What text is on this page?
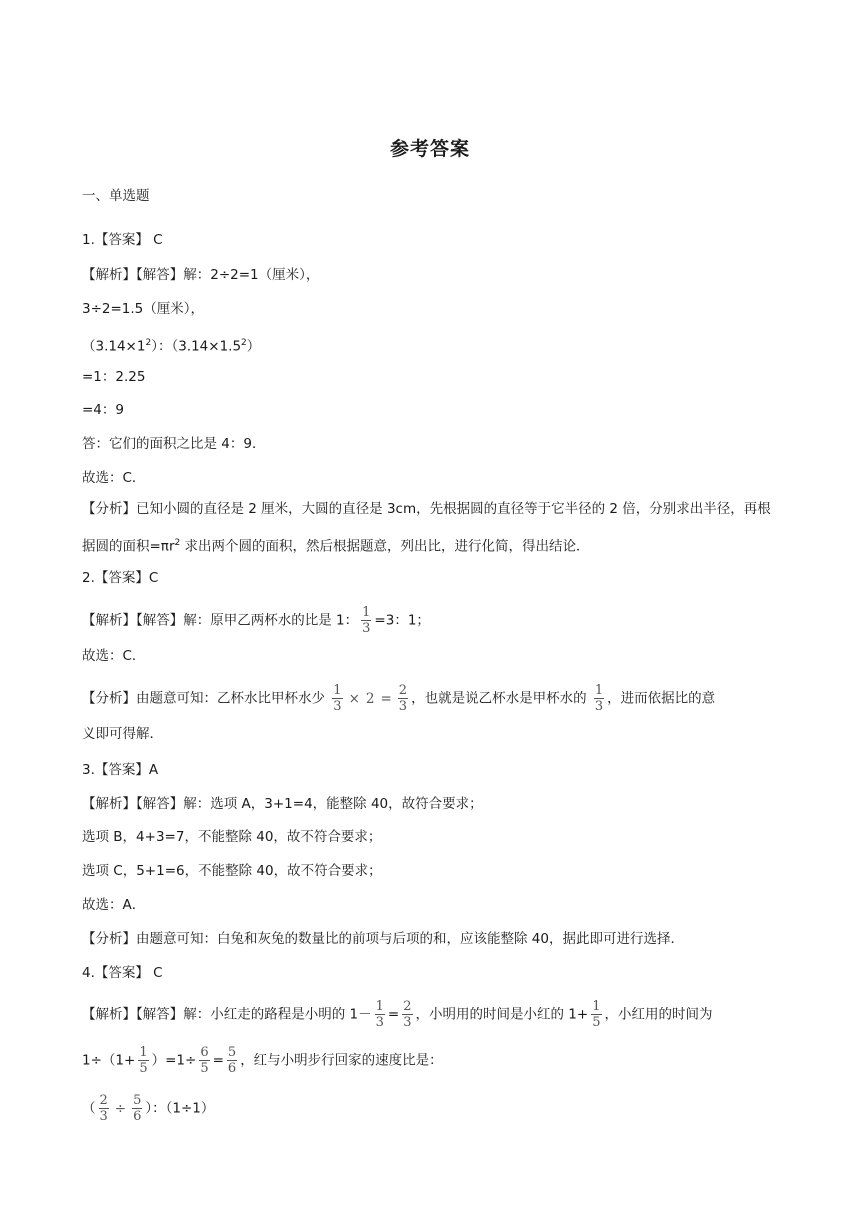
参考答案
一、单选题
1.【答案】 C
【解析】【解答】解：2÷2=1（厘米），
3÷2=1.5（厘米），
$(3.14\times 1^2)$：$(3.14\times 1.5^2)$
=1：2.25
=4：9
答：它们的面积之比是 4：9．
故选：C．
【分析】已知小圆的直径是 2 厘米，大圆的直径是 3cm，先根据圆的直径等于它半径的 2 倍，分别求出半径，再根据圆的面积$=\pi r^2$ 求出两个圆的面积，然后根据题意，列出比，进行化简，得出结论．
2.【答案】C
【解析】【解答】解：原甲乙两杯水的比是 1： $\frac{1}{3} =3$：1；
故选：C．
【分析】由题意可知：乙杯水比甲杯水少 $\frac{1}{3} \times 2 = \frac{2}{3}$ ，也就是说乙杯水是甲杯水的 $\frac{1}{3}$ ，进而依据比的意
义即可得解．
3.【答案】A
【解析】【解答】解：选项 A，3+1=4，能整除 40，故符合要求；
选项 B，4+3=7，不能整除 40，故不符合要求；
选项 C，5+1=6，不能整除 40，故不符合要求；
故选：A．
【分析】由题意可知：白兔和灰兔的数量比的前项与后项的和，应该能整除 40，据此即可进行选择．
4.【答案】 C
【解析】【解答】解：小红走的路程是小明的 $1- \frac{1}{3} = \frac{2}{3}$ ，小明用的时间是小红的 $1+ \frac{1}{5}$ ，小红用的时间为
$1\div(1+ \frac{1}{5} )=1\div \frac{6}{5} = \frac{5}{6}$ ，红与小明步行回家的速度比是：
（ $\frac{2}{3} \div \frac{5}{6}$ ）：（1÷1）
